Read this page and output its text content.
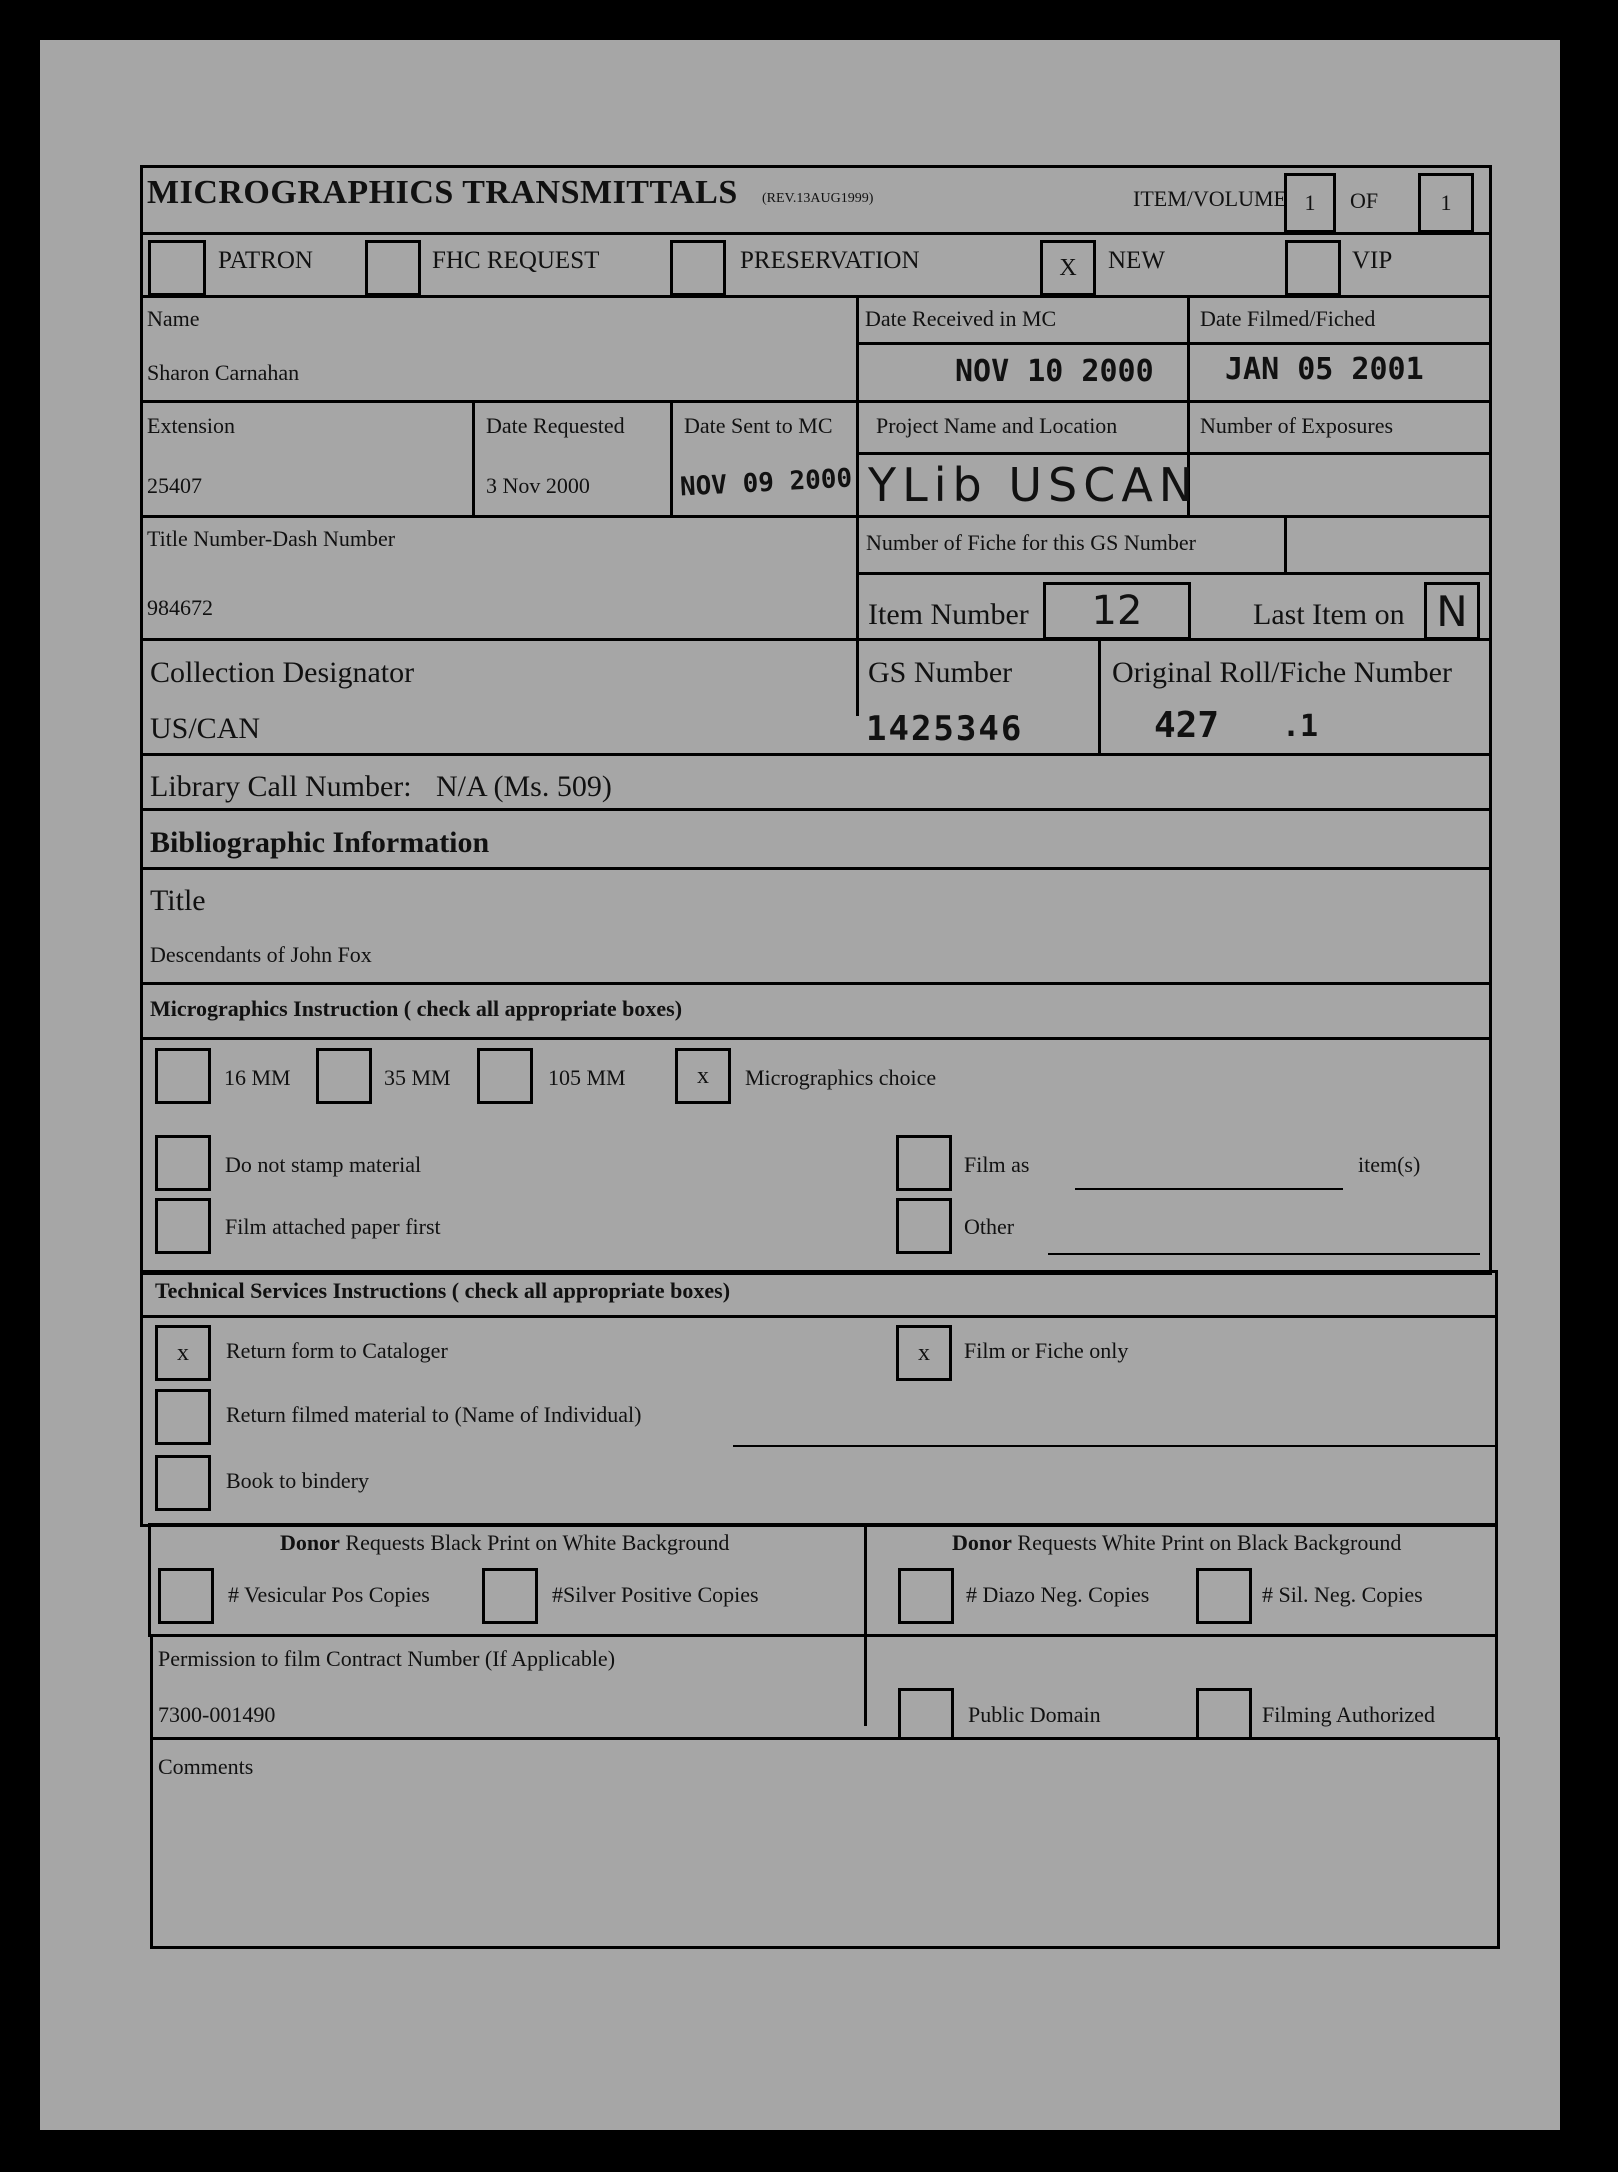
MICROGRAPHICS TRANSMITTALS (REV.13AUG1999)	ITEM/VOLUME 1	OF	1
PATRON	FHC REQUEST	PRESERVATION	X	NEW	VIP
Name
Sharon Carnahan
Date Received in MC
NOV 10 2000
Date Filmed/Fiched
JAN 05 2001
Extension
25407
Date Requested
3 Nov 2000
Date Sent to MC
NOV 09 2000
Project Name and Location
YLib USCAN
Number of Exposures
Title Number-Dash Number
984672
Number of Fiche for this GS Number
Item Number	12	Last Item on N
Collection Designator
US/CAN
GS Number
1425346
Original Roll/Fiche Number
427 .1
Library Call Number: N/A (Ms. 509)
Bibliographic Information
Title
Descendants of John Fox
Micrographics Instruction ( check all appropriate boxes)
16 MM	35 MM	105 MM	x	Micrographics choice
Do not stamp material
Film attached paper first
Film as	item(s)
Other
Technical Services Instructions ( check all appropriate boxes)
x	Return form to Cataloger	x	Film or Fiche only
Return filmed material to (Name of Individual)
Book to bindery
Donor Requests Black Print on White Background	Donor Requests White Print on Black Background
# Vesicular Pos Copies	#Silver Positive Copies	# Diazo Neg. Copies	# Sil. Neg. Copies
Permission to film Contract Number (If Applicable)
7300-001490	Public Domain	Filming Authorized
Comments
